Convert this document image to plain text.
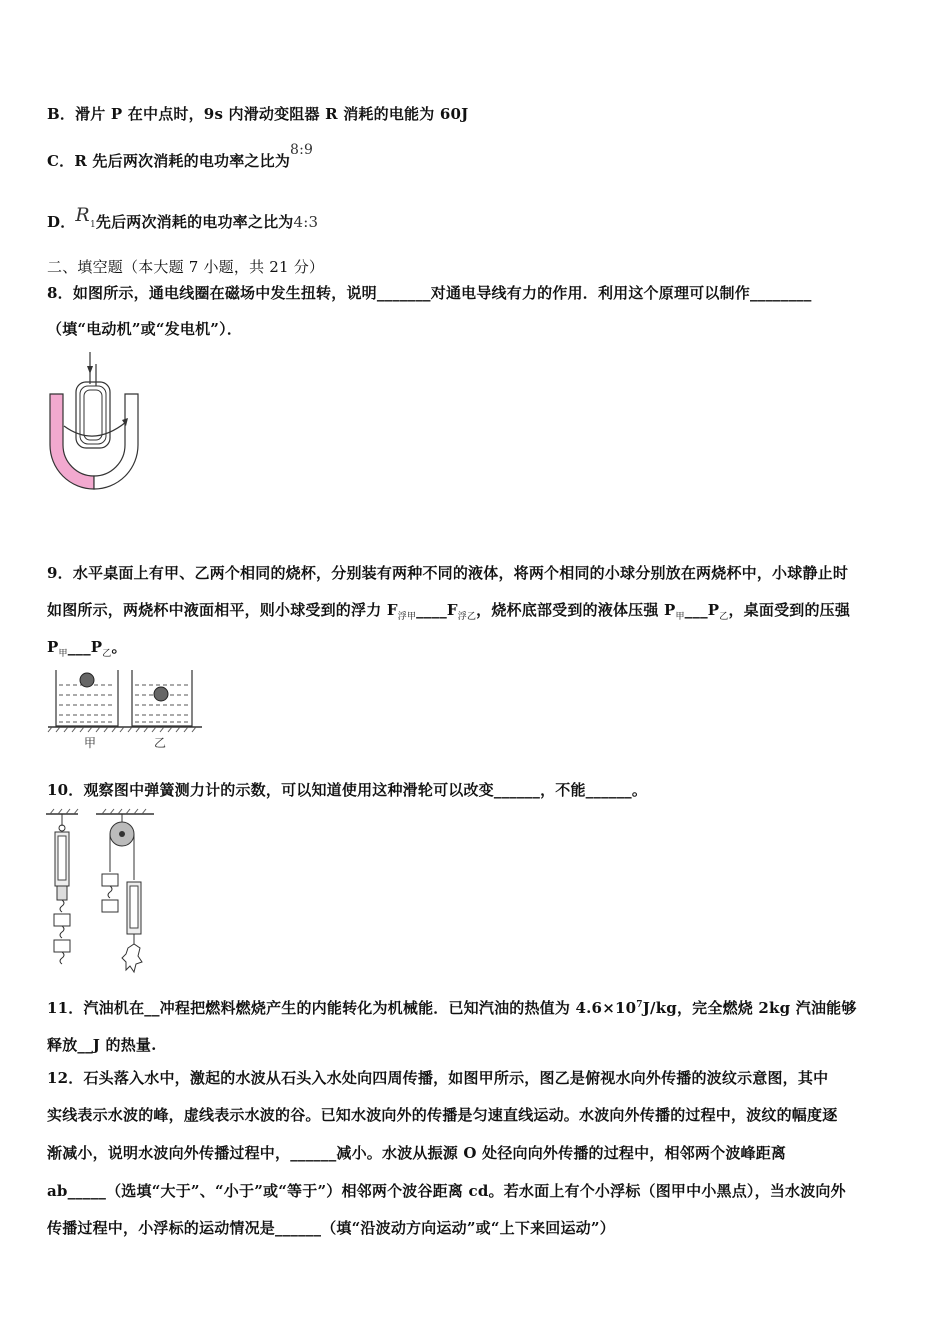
B．滑片 P 在中点时，9s 内滑动变阻器 R 消耗的电能为 60J
C．R 先后两次消耗的电功率之比为8:9
D．$R_1$先后两次消耗的电功率之比为4:3
二、填空题（本大题 7 小题，共 21 分）
8．如图所示，通电线圈在磁场中发生扭转，说明_______对通电导线有力的作用．利用这个原理可以制作________
（填“电动机”或“发电机”）．
9．水平桌面上有甲、乙两个相同的烧杯，分别装有两种不同的液体，将两个相同的小球分别放在两烧杯中，小球静止时
如图所示，两烧杯中液面相平，则小球受到的浮力 $F_{浮甲}\_\_\_\_F_{浮乙}$，烧杯底部受到的液体压强 $P_甲\_\_\_P_乙$，桌面受到的压强
$P_甲\_\_\_P_乙$。
甲	乙
10．观察图中弹簧测力计的示数，可以知道使用这种滑轮可以改变______，不能______。
11．汽油机在__冲程把燃料燃烧产生的内能转化为机械能．已知汽油的热值为 $4.6\times 10^7J/kg$，完全燃烧 2kg 汽油能够
释放__J 的热量.
12．石头落入水中，激起的水波从石头入水处向四周传播，如图甲所示，图乙是俯视水向外传播的波纹示意图，其中
实线表示水波的峰，虚线表示水波的谷。已知水波向外的传播是匀速直线运动。水波向外传播的过程中，波纹的幅度逐
渐减小，说明水波向外传播过程中，______减小。水波从振源 O 处径向向外传播的过程中，相邻两个波峰距离
ab_____（选填“大于”、“小于”或“等于”）相邻两个波谷距离 cd。若水面上有个小浮标（图甲中小黑点），当水波向外
传播过程中，小浮标的运动情况是______（填“沿波动方向运动”或“上下来回运动”）
